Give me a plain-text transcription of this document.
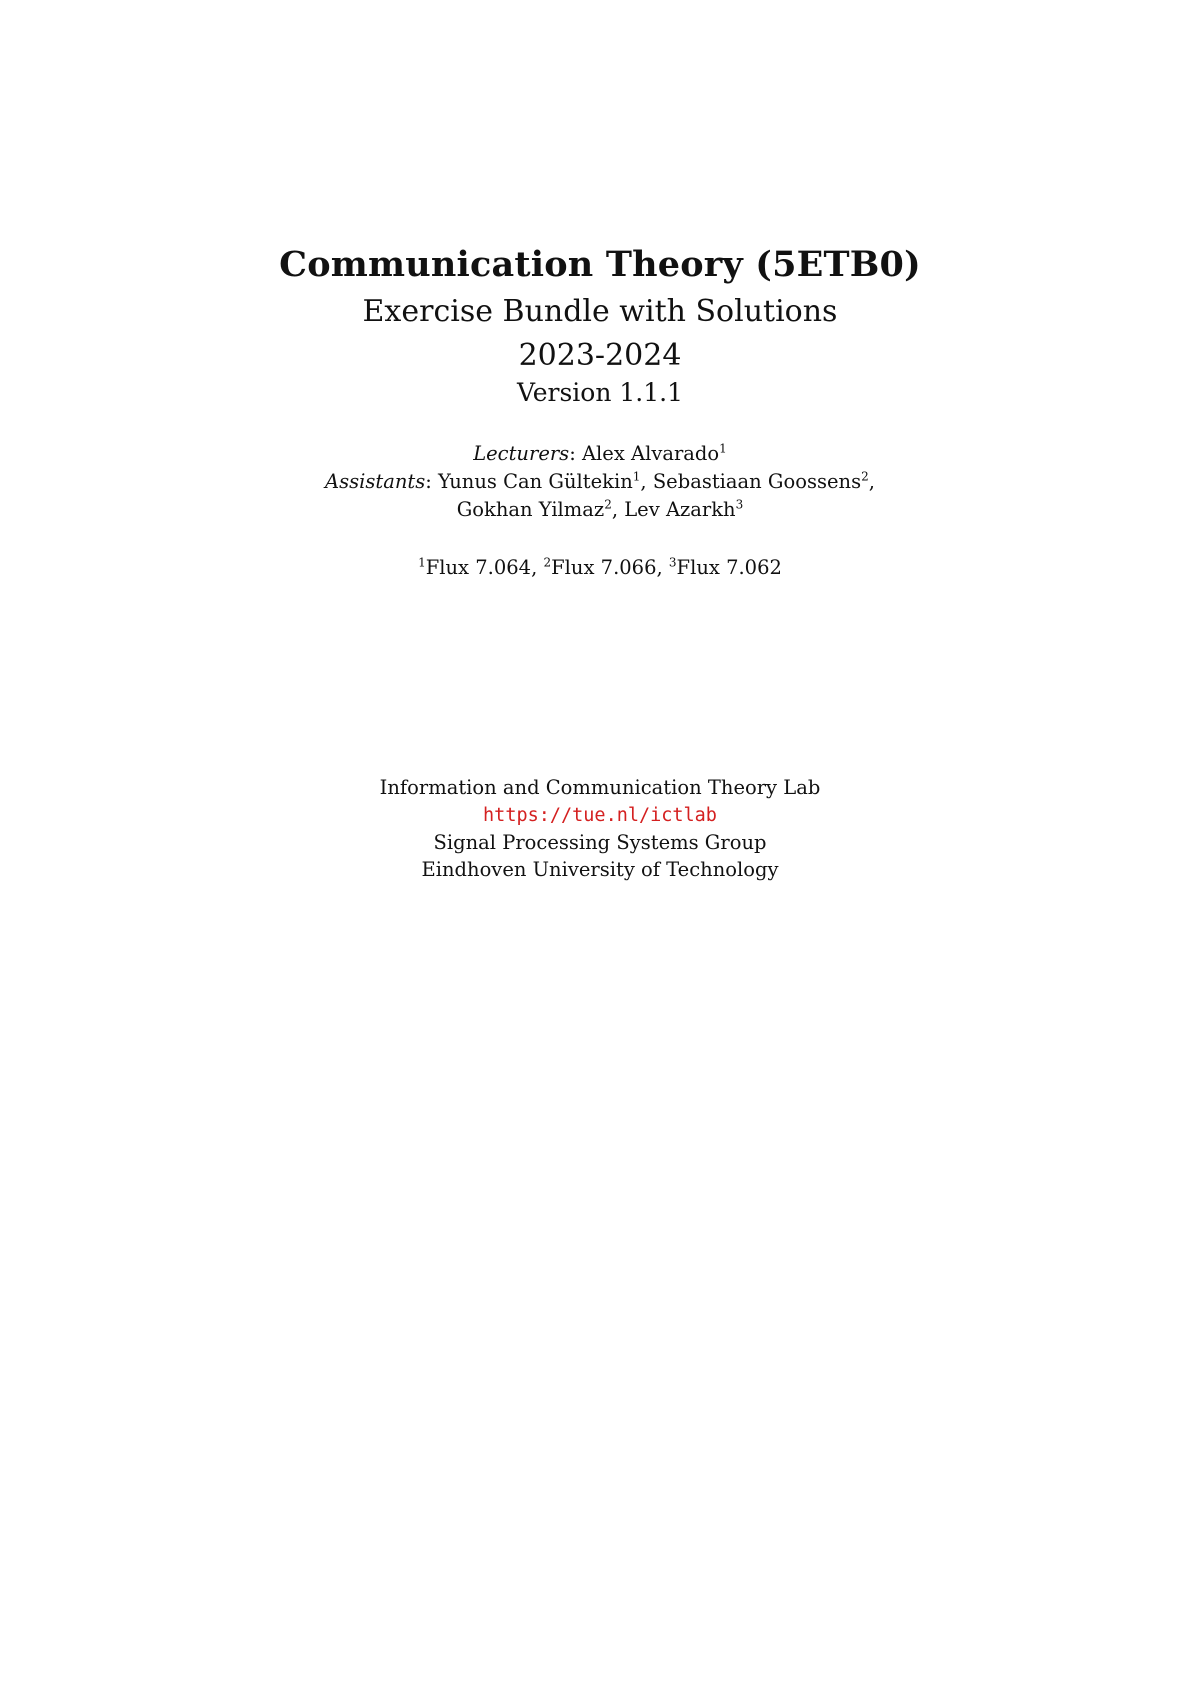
Communication Theory (5ETB0)
Exercise Bundle with Solutions
2023-2024
Version 1.1.1
Lecturers: Alex Alvarado$^1$
Assistants: Yunus Can Gültekin$^1$, Sebastiaan Goossens$^2$,
Gokhan Yilmaz$^2$, Lev Azarkh$^3$
$^1$Flux 7.064, $^2$Flux 7.066, $^3$Flux 7.062
Information and Communication Theory Lab
https://tue.nl/ictlab
Signal Processing Systems Group
Eindhoven University of Technology
